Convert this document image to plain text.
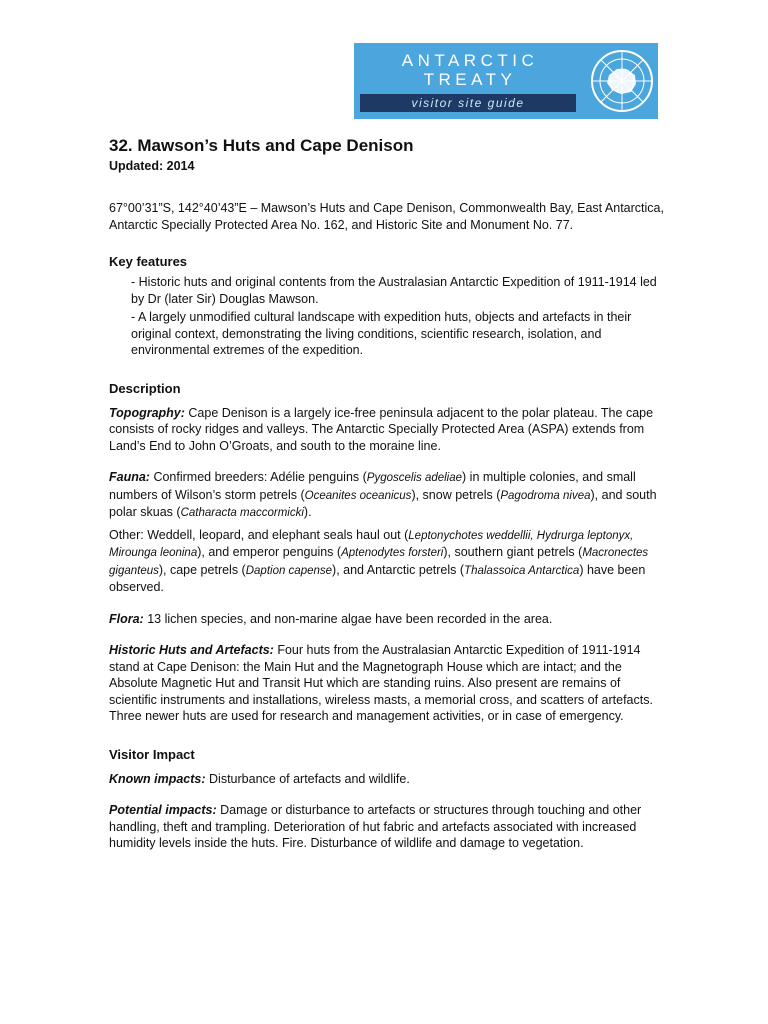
ANTARCTIC
TREATY
visitor site guide
32. Mawson’s Huts and Cape Denison
Updated: 2014

67°00’31”S, 142°40’43”E – Mawson’s Huts and Cape Denison, Commonwealth Bay, East Antarctica, Antarctic Specially Protected Area No. 162, and Historic Site and Monument No. 77.

Key features

- Historic huts and original contents from the Australasian Antarctic Expedition of 1911-1914 led by Dr (later Sir) Douglas Mawson.

- A largely unmodified cultural landscape with expedition huts, objects and artefacts in their original context, demonstrating the living conditions, scientific research, isolation, and environmental extremes of the expedition.

Description

Topography: Cape Denison is a largely ice-free peninsula adjacent to the polar plateau. The cape consists of rocky ridges and valleys. The Antarctic Specially Protected Area (ASPA) extends from Land’s End to John O’Groats, and south to the moraine line.

Fauna: Confirmed breeders: Adélie penguins (Pygoscelis adeliae) in multiple colonies, and small numbers of Wilson’s storm petrels (Oceanites oceanicus), snow petrels (Pagodroma nivea), and south polar skuas (Catharacta maccormicki).

Other: Weddell, leopard, and elephant seals haul out (Leptonychotes weddellii, Hydrurga leptonyx, Mirounga leonina), and emperor penguins (Aptenodytes forsteri), southern giant petrels (Macronectes giganteus), cape petrels (Daption capense), and Antarctic petrels (Thalassoica Antarctica) have been observed.

Flora: 13 lichen species, and non-marine algae have been recorded in the area.

Historic Huts and Artefacts: Four huts from the Australasian Antarctic Expedition of 1911-1914 stand at Cape Denison: the Main Hut and the Magnetograph House which are intact; and the Absolute Magnetic Hut and Transit Hut which are standing ruins. Also present are remains of scientific instruments and installations, wireless masts, a memorial cross, and scatters of artefacts. Three newer huts are used for research and management activities, or in case of emergency.

Visitor Impact

Known impacts: Disturbance of artefacts and wildlife.

Potential impacts: Damage or disturbance to artefacts or structures through touching and other handling, theft and trampling. Deterioration of hut fabric and artefacts associated with increased humidity levels inside the huts. Fire. Disturbance of wildlife and damage to vegetation.
